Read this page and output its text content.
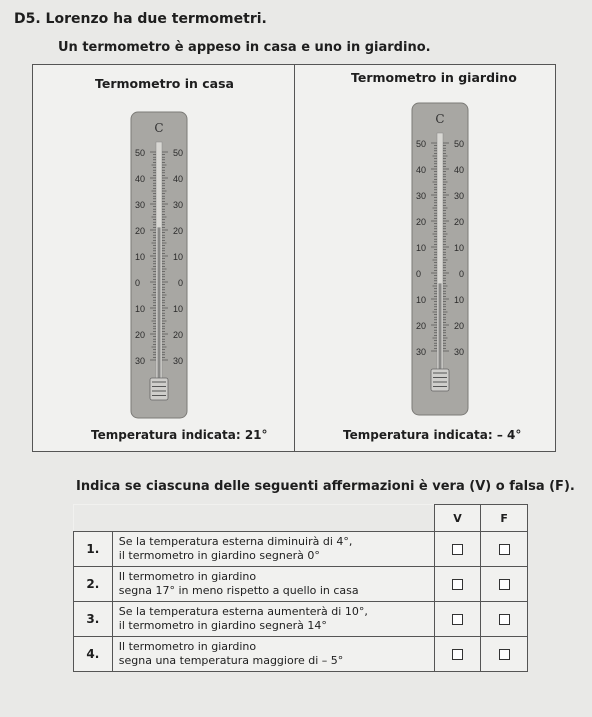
D5. Lorenzo ha due termometri.
Un termometro è appeso in casa e uno in giardino.
Termometro in casa	Termometro in giardino
C
50	50
40	40
30	30
20	20
10	10
0	0
10	10
20	20
30	30
C
50	50
40	40
30	30
20	20
10	10
0	0
10	10
20	20
30	30
Temperatura indicata: 21°	Temperatura indicata: – 4°
Indica se ciascuna delle seguenti affermazioni è vera (V) o falsa (F).
		V	F
1.	Se la temperatura esterna diminuirà di 4°,
il termometro in giardino segnerà 0°		

2.	Il termometro in giardino
segna 17° in meno rispetto a quello in casa		

3.	Se la temperatura esterna aumenterà di 10°,
il termometro in giardino segnerà 14°		

4.	Il termometro in giardino
segna una temperatura maggiore di – 5°		
